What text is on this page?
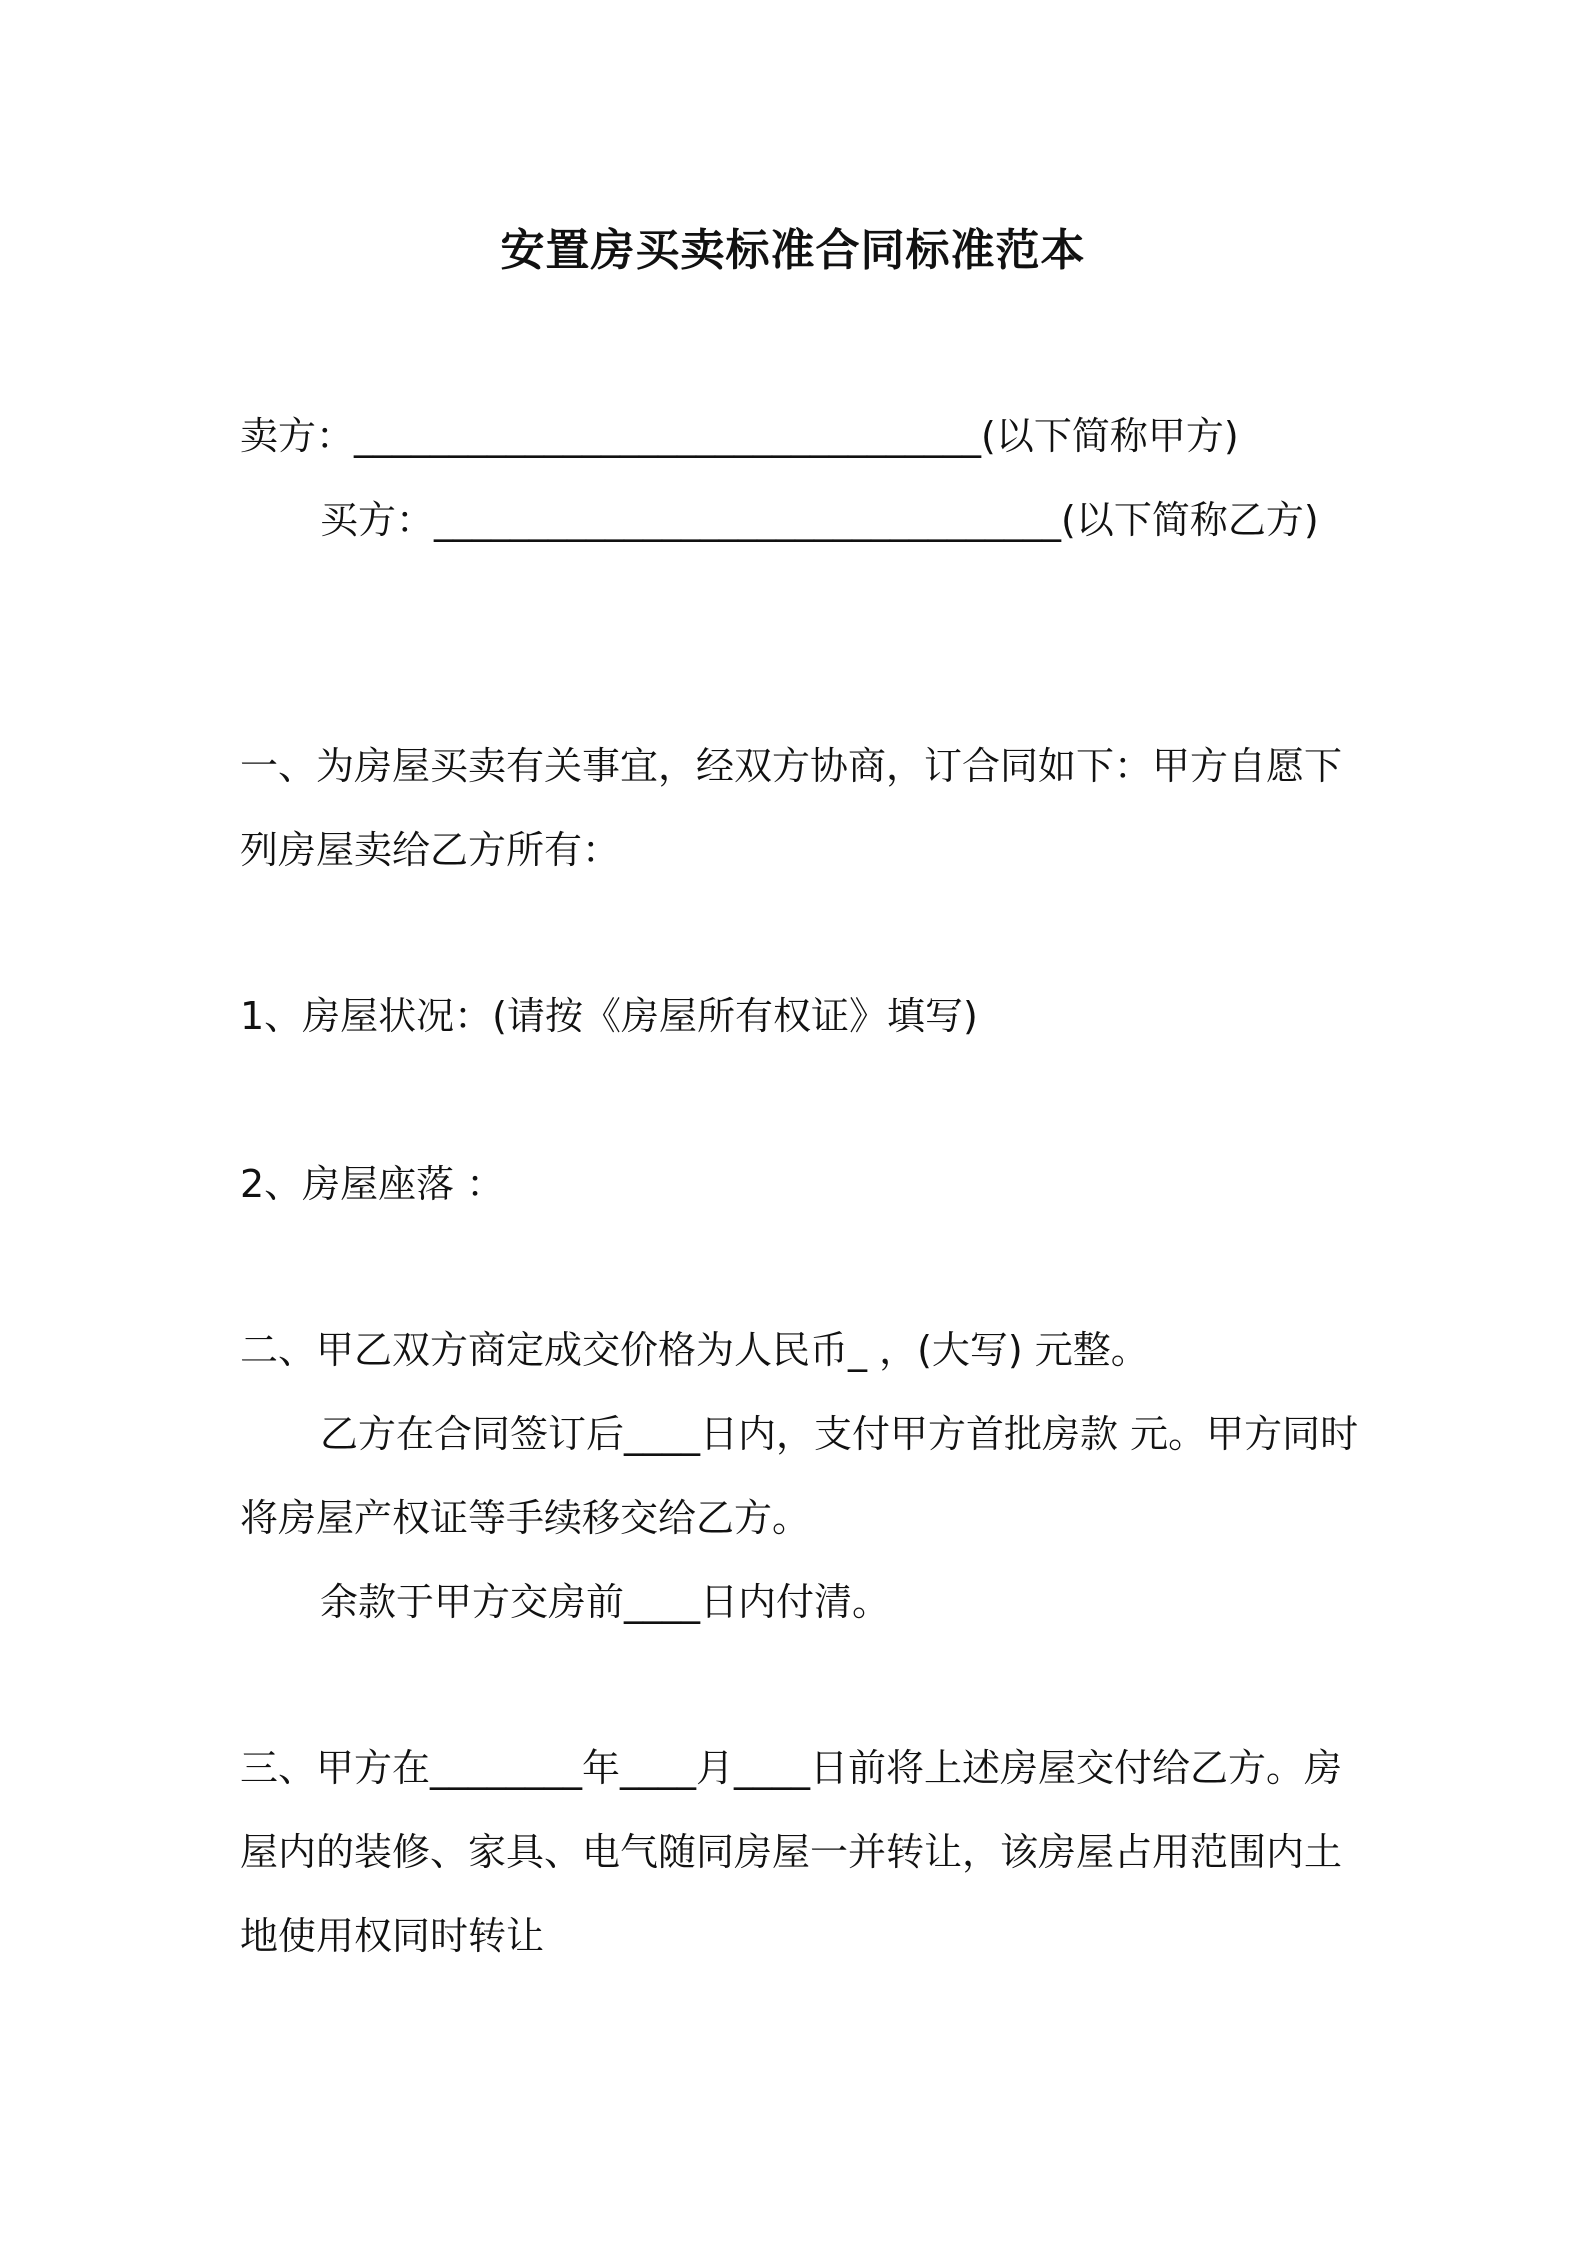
安置房买卖标准合同标准范本
卖方：_________________________________(以下简称甲方)
买方：_________________________________(以下简称乙方)
一、为房屋买卖有关事宜，经双方协商，订合同如下：甲方自愿下列房屋卖给乙方所有：
1、房屋状况：(请按《房屋所有权证》填写)
2、房屋座落 ：
二、甲乙双方商定成交价格为人民币_ ，(大写) 元整。
乙方在合同签订后____日内，支付甲方首批房款 元。甲方同时将房屋产权证等手续移交给乙方。
余款于甲方交房前____日内付清。
三、甲方在________年____月____日前将上述房屋交付给乙方。房屋内的装修、家具、电气随同房屋一并转让，该房屋占用范围内土地使用权同时转让
